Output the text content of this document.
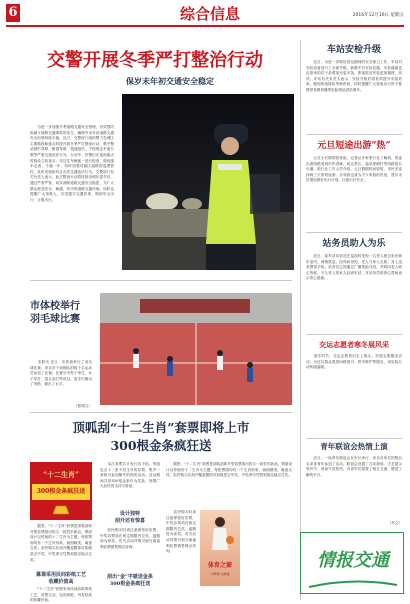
6	综合信息	2016年12月16日 星期五
交警开展冬季严打整治行动
保岁末年初交通安全稳定
　　为进一步加强冬季道路交通安全管理，有效预防和减少道路交通事故的发生，确保岁末年初道路交通安全形势持续平稳，近日，交警部门组织警力在城区主要路段和重点时段开展冬季严打整治行动，集中整治酒后驾驶、醉酒驾驶、超速超员、不按规定车道行驶等严重交通违法行为。行动中，民警们在夜间重点时段设立检查点，对过往车辆逐一进行检查，做到逢车必查、不漏一车，同时加强对辖区道路的巡逻管控，及时发现和纠正各类交通违法行为。交警部门有关负责人表示，此次整治行动将持续至明年春节后，通过严查严管，切实消除道路交通安全隐患，为广大群众营造安全、畅通、有序的道路交通环境。同时也提醒广大驾驶人，自觉遵守交通法规，做到安全出行、文明出行。
市体校举行
羽毛球比赛
　　本报讯 近日，市体校举行了羽毛球比赛，来自各个训练队的数十名运动员参加了比赛。比赛分为男子单打、女子单打、混合双打等项目，选手们赛出了风格，赛出了水平。
（张明文）
顶呱刮“十二生肖”套票即将上市
300根金条疯狂送
“十二生肖”
300根金条疯狂送
　　据悉，“十二生肖”套票是顶呱刮即开型彩票推出的又一款贺岁新品，票面设计以传统的十二生肖为主题，每张票面均有一个生肖形象，画面精美，寓意吉祥。彩民购买后刮开覆盖膜即可知晓是否中奖，中奖者可凭票到指定地点兑奖。
慕课采用民间彩纸工艺
收藏价值高
　　“十二生肖”套票采用民间彩纸剪纸工艺，造型生动，色彩鲜艳，具有较高的收藏价值。
　　本次套票共计发行若干组，每组包含十二张不同生肖的彩票，集齐一套即可参加额外的抽奖活动。活动期间共设300根金条作为奖品，回馈广大彩民的支持与厚爱。
设计独特
刮开还有惊喜
　　彩民购买时请注意保管好彩票，中奖彩票须在规定期限内兑奖，逾期视为弃奖。有关活动详情可到当地福利彩票销售网点咨询。
刮出“金”字就送金条
300根金条疯狂送
　　据悉，“十二生肖”套票是顶呱刮即开型彩票推出的又一款贺岁新品，票面设计以传统的十二生肖为主题，每张票面均有一个生肖形象，画面精美，寓意吉祥。彩民购买后刮开覆盖膜即可知晓是否中奖，中奖者可凭票到指定地点兑奖。
体育之窗
为梦想 为健康
　　彩民购买时请注意保管好彩票，中奖彩票须在规定期限内兑奖，逾期视为弃奖。有关活动详情可到当地福利彩票销售网点咨询。
车站安检升级
　　近日，为进一步做好春运期间的安全保卫工作，车站对安检设备进行了全面升级，新增多台安检仪器，安检通道也由原来的若干条增加至更多条，旅客进站安检更加便捷、高效。车站有关负责人表示，安检升级后将有效提升安检效率，缩短旅客排队等候时间，同时提醒广大旅客出行时不要携带易燃易爆等危险物品进站乘车。
元旦短途出游“热”
　　元旦小长假即将来临，记者从多家旅行社了解到，短途出游线路受到市民青睐，周边景区、温泉度假村等线路报名火爆。旅行社工作人员介绍，元旦假期时间较短，市民多选择两三天的短途游，自驾游也成为不少家庭的首选，建议市民提前做好出行计划，注意出行安全。
站务员助人为乐
　　近日，某车站站务员在巡视时发现一名老人独自坐在候车室内，神情焦急。经询问得知，老人与家人走散，身上没有携带手机。站务员立即通过广播帮助寻找，并陪同老人耐心等候，不久老人的家人赶到车站，对站务员的热心帮助表示衷心感谢。
交运志愿者寒冬展风采
　　寒冬时节，交运志愿者们走上街头，开展志愿服务活动，为过往群众提供问路指引、秩序维护等服务，用实际行动传递温暖。
青年联谊会热情上演
　　近日，一场青年联谊会在市区举行，来自各单位的数百名单身青年参加了活动。联谊会设置了互动游戏、才艺展示等环节，现场气氛热烈，为青年们搭建了相互交流、增进了解的平台。
（肖文）
情报交通
